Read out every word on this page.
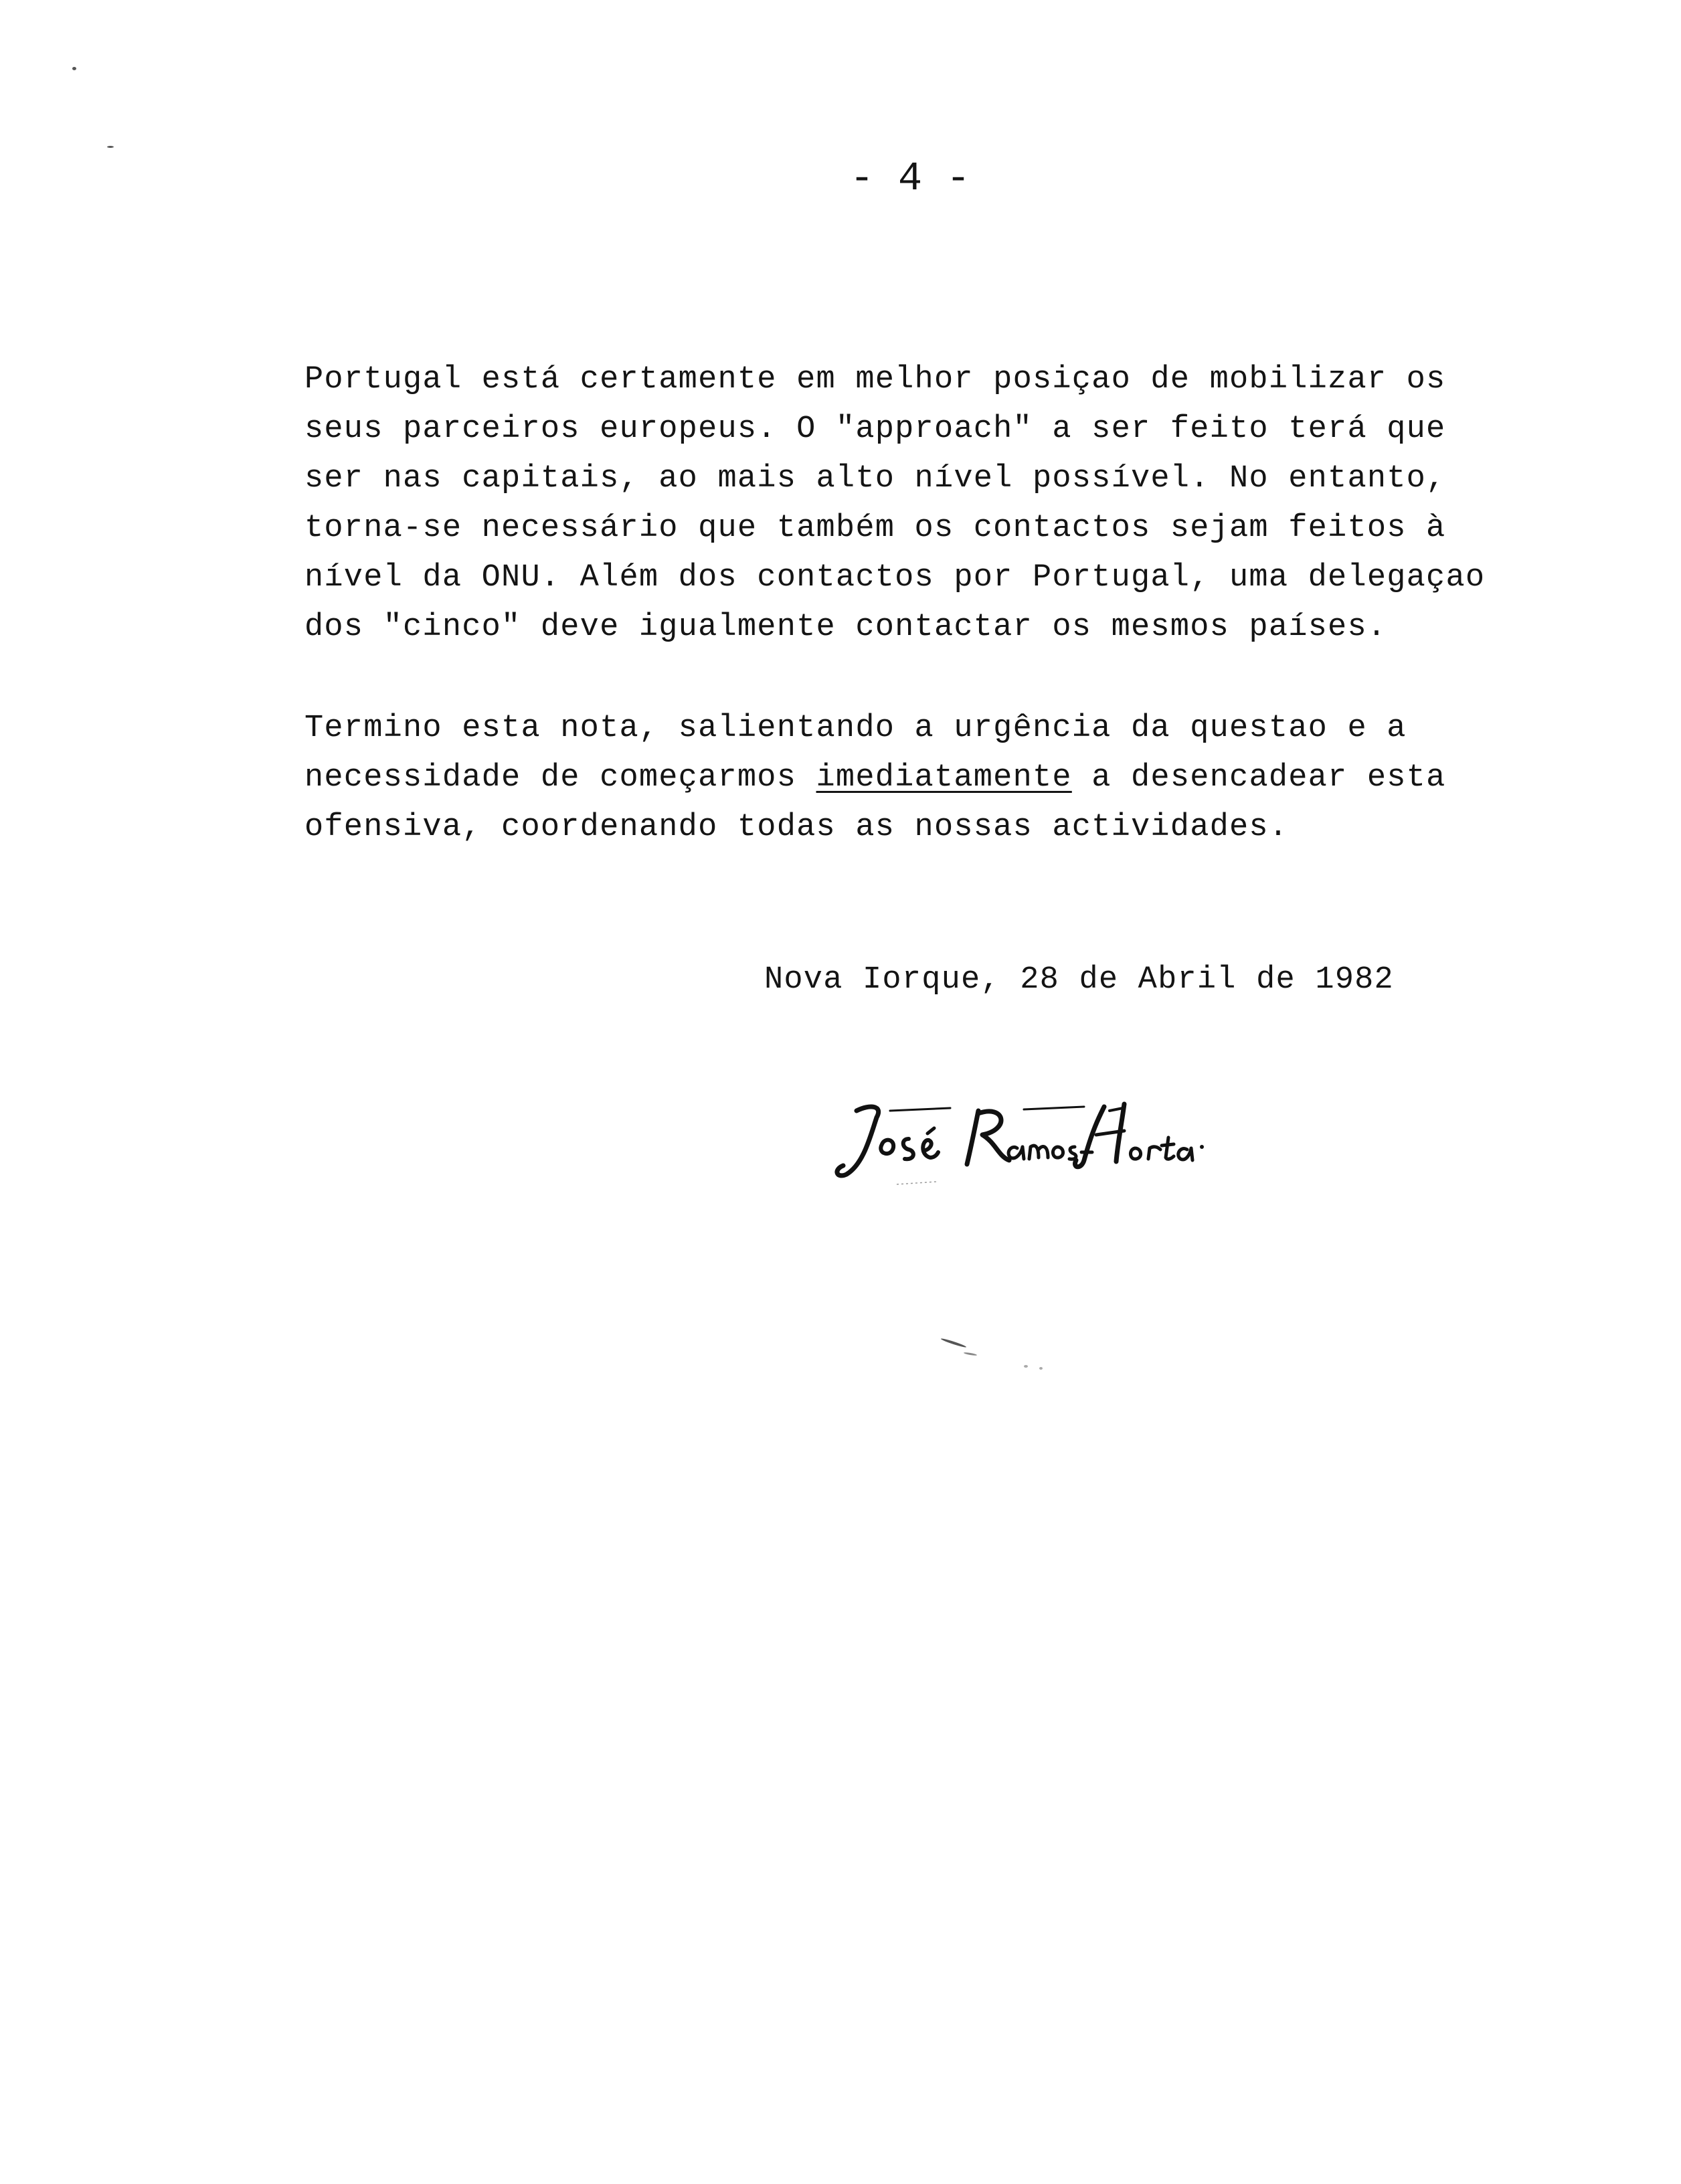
- 4 -
Portugal está certamente em melhor posiçao de mobilizar os
seus parceiros europeus. O "approach" a ser feito terá que
ser nas capitais, ao mais alto nível possível. No entanto,
torna-se necessário que também os contactos sejam feitos à
nível da ONU. Além dos contactos por Portugal, uma delegaçao
dos "cinco" deve igualmente contactar os mesmos países.
Termino esta nota, salientando a urgência da questao e a
necessidade de começarmos imediatamente a desencadear esta
ofensiva, coordenando todas as nossas actividades.
Nova Iorque, 28 de Abril de 1982
